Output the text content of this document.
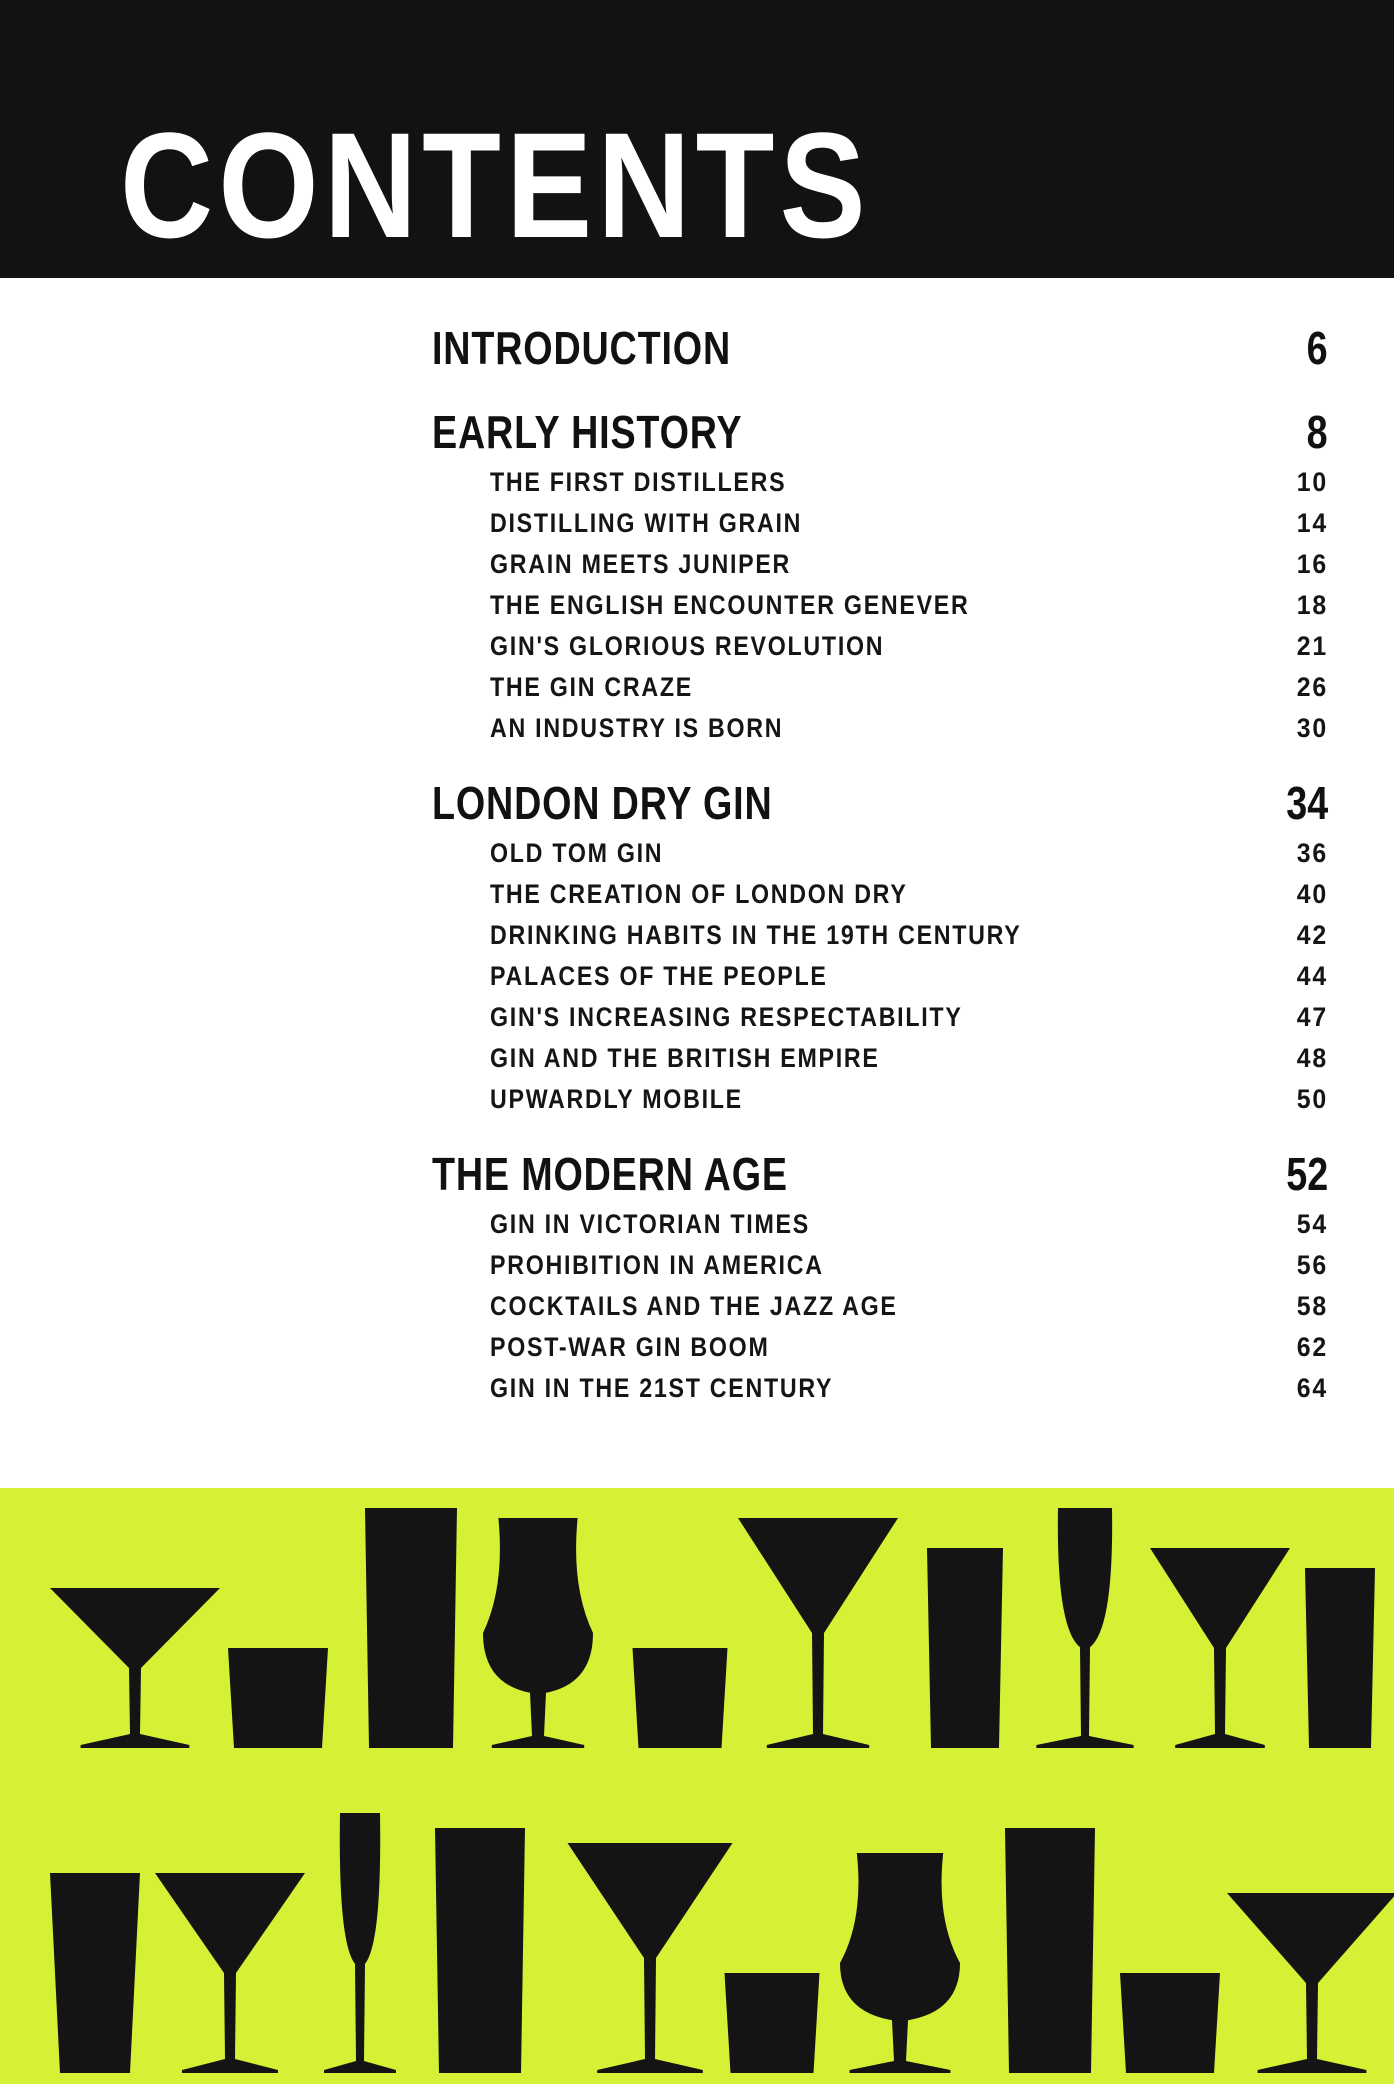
CONTENTS
INTRODUCTION	6
EARLY HISTORY	8
THE FIRST DISTILLERS	10
DISTILLING WITH GRAIN	14
GRAIN MEETS JUNIPER	16
THE ENGLISH ENCOUNTER GENEVER	18
GIN'S GLORIOUS REVOLUTION	21
THE GIN CRAZE	26
AN INDUSTRY IS BORN	30
LONDON DRY GIN	34
OLD TOM GIN	36
THE CREATION OF LONDON DRY	40
DRINKING HABITS IN THE 19TH CENTURY	42
PALACES OF THE PEOPLE	44
GIN'S INCREASING RESPECTABILITY	47
GIN AND THE BRITISH EMPIRE	48
UPWARDLY MOBILE	50
THE MODERN AGE	52
GIN IN VICTORIAN TIMES	54
PROHIBITION IN AMERICA	56
COCKTAILS AND THE JAZZ AGE	58
POST-WAR GIN BOOM	62
GIN IN THE 21ST CENTURY	64
